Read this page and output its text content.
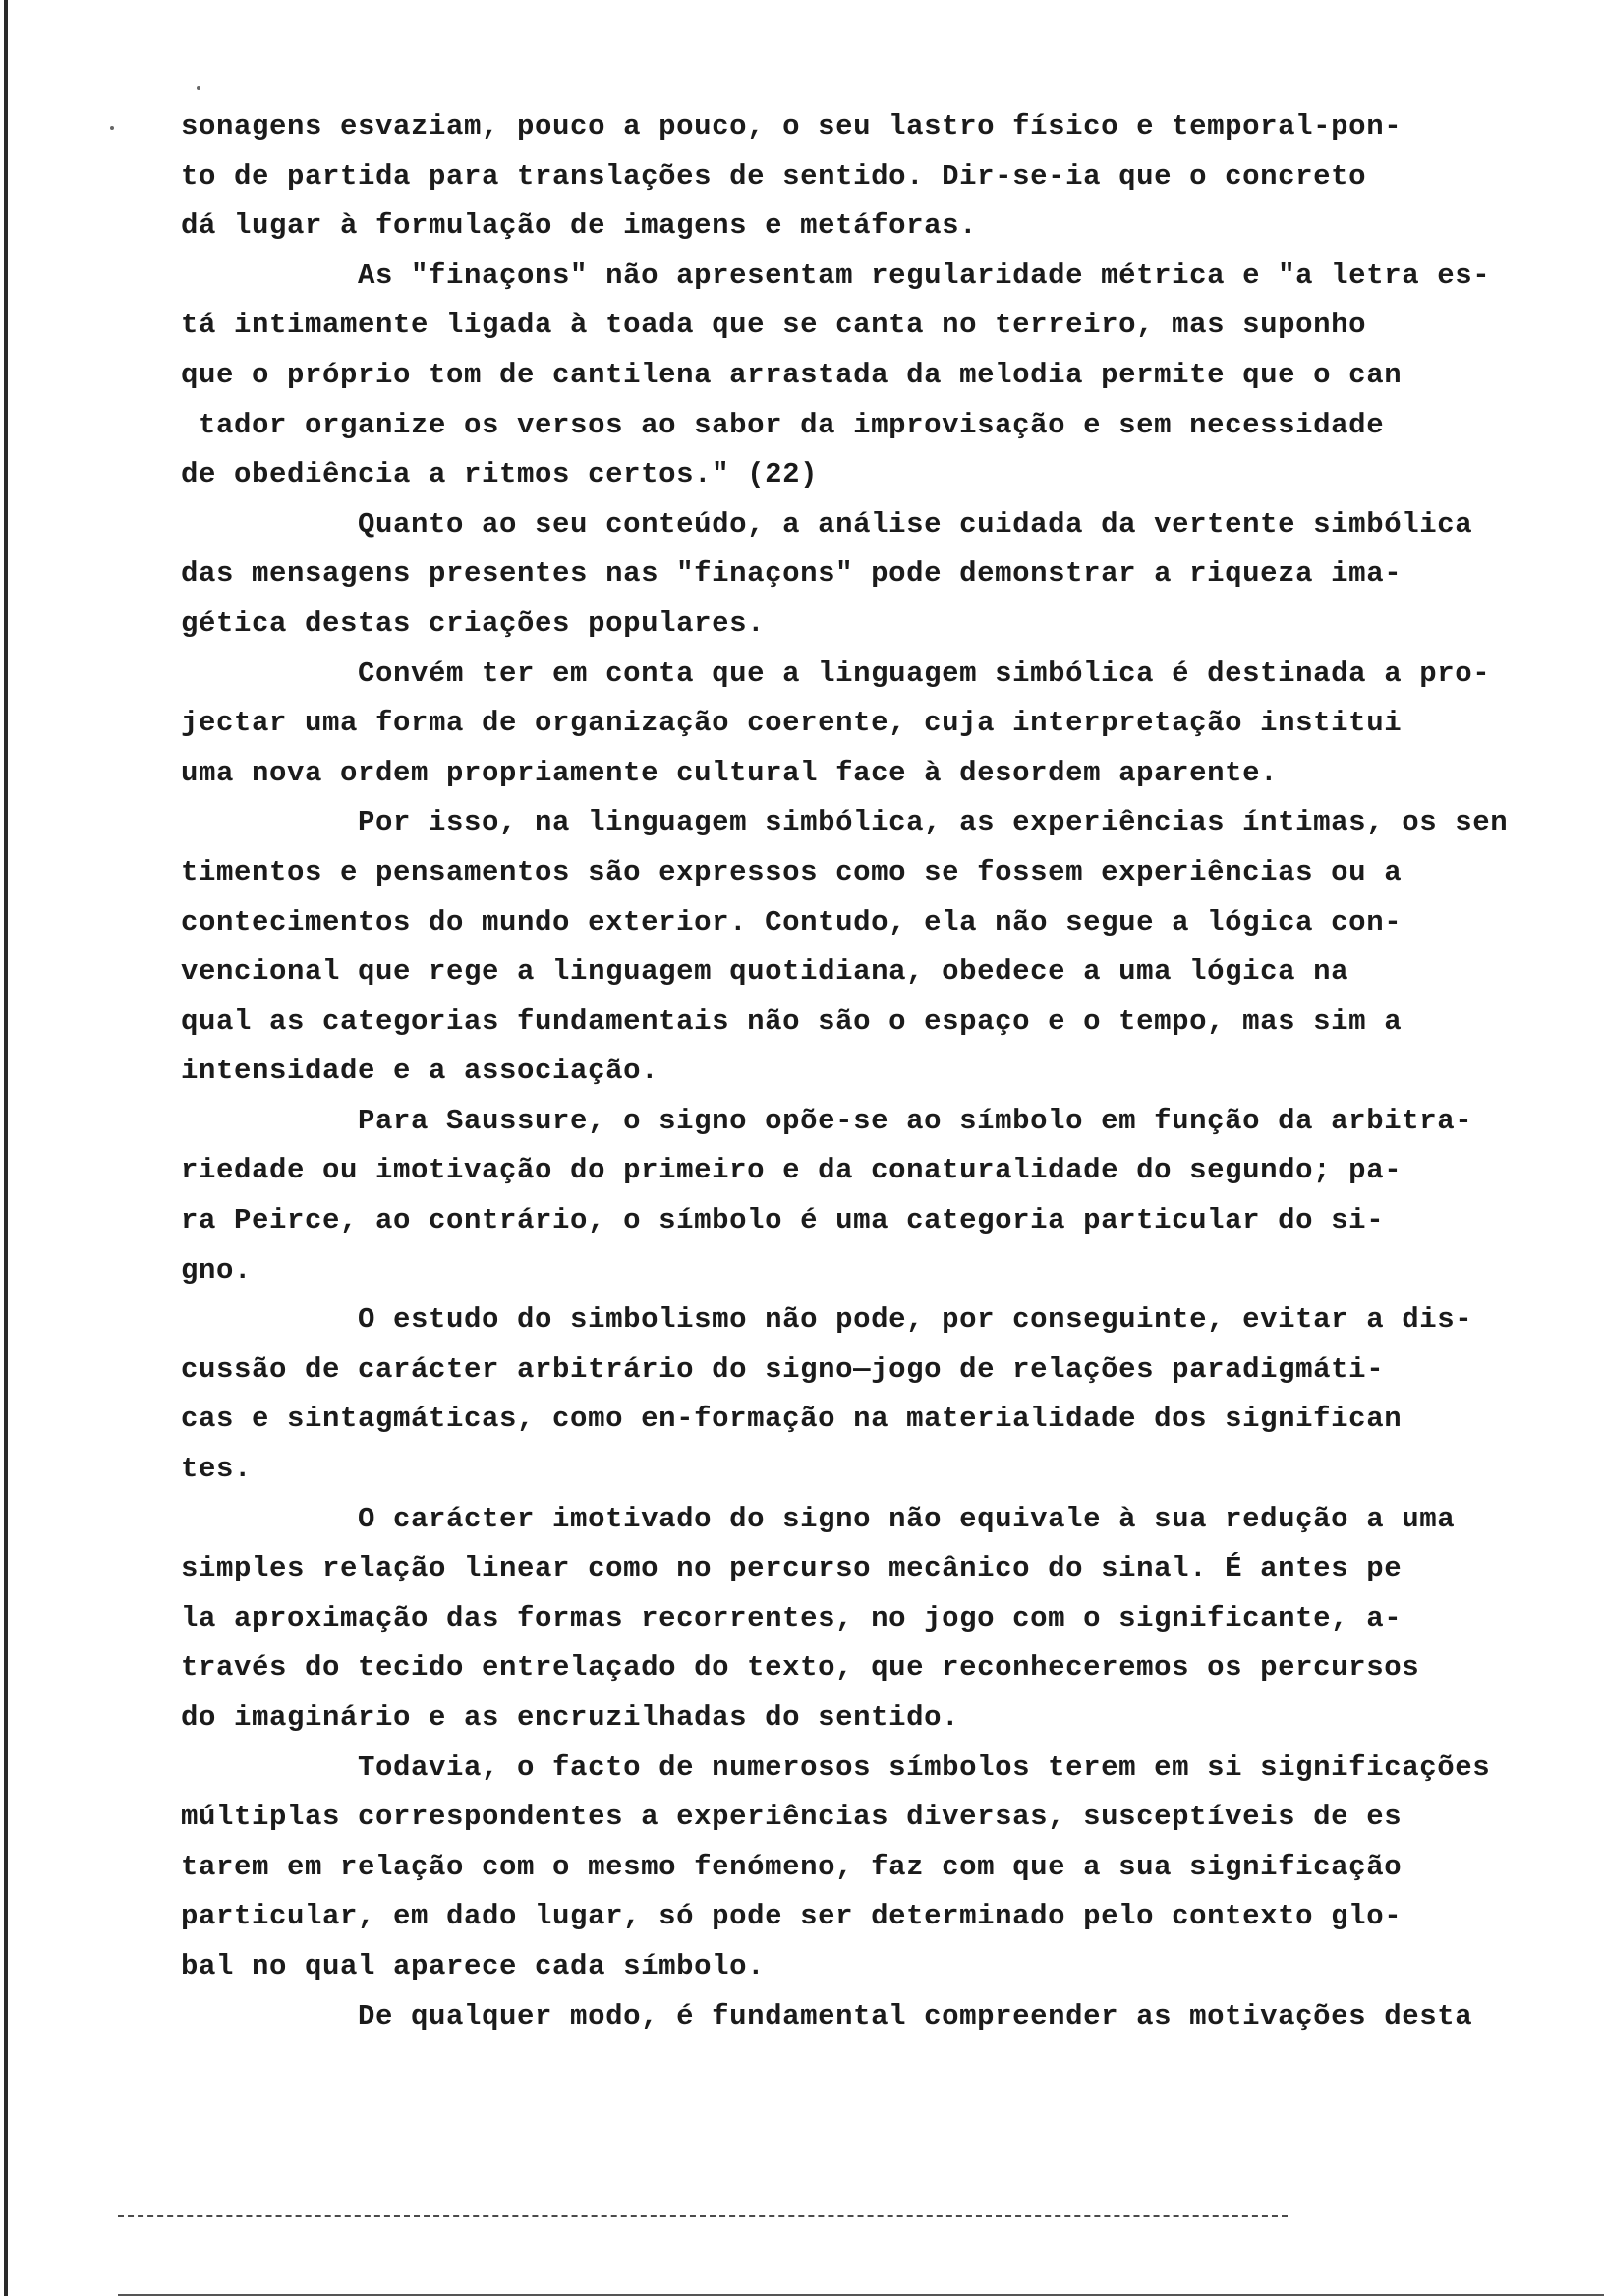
sonagens esvaziam, pouco a pouco, o seu lastro físico e temporal-pon-
to de partida para translações de sentido. Dir-se-ia que o concreto
dá lugar à formulação de imagens e metáforas.
As "finaçons" não apresentam regularidade métrica e "a letra es-
tá intimamente ligada à toada que se canta no terreiro, mas suponho
que o próprio tom de cantilena arrastada da melodia permite que o can
tador organize os versos ao sabor da improvisação e sem necessidade
de obediência a ritmos certos." (22)
Quanto ao seu conteúdo, a análise cuidada da vertente simbólica
das mensagens presentes nas "finaçons" pode demonstrar a riqueza ima-
gética destas criações populares.
Convém ter em conta que a linguagem simbólica é destinada a pro-
jectar uma forma de organização coerente, cuja interpretação institui
uma nova ordem propriamente cultural face à desordem aparente.
Por isso, na linguagem simbólica, as experiências íntimas, os sen
timentos e pensamentos são expressos como se fossem experiências ou a
contecimentos do mundo exterior. Contudo, ela não segue a lógica con-
vencional que rege a linguagem quotidiana, obedece a uma lógica na
qual as categorias fundamentais não são o espaço e o tempo, mas sim a
intensidade e a associação.
Para Saussure, o signo opõe-se ao símbolo em função da arbitra-
riedade ou imotivação do primeiro e da conaturalidade do segundo; pa-
ra Peirce, ao contrário, o símbolo é uma categoria particular do si-
gno.
O estudo do simbolismo não pode, por conseguinte, evitar a dis-
cussão de carácter arbitrário do signo—jogo de relações paradigmáti-
cas e sintagmáticas, como en-formação na materialidade dos significan
tes.
O carácter imotivado do signo não equivale à sua redução a uma
simples relação linear como no percurso mecânico do sinal. É antes pe
la aproximação das formas recorrentes, no jogo com o significante, a-
través do tecido entrelaçado do texto, que reconheceremos os percursos
do imaginário e as encruzilhadas do sentido.
Todavia, o facto de numerosos símbolos terem em si significações
múltiplas correspondentes a experiências diversas, susceptíveis de es
tarem em relação com o mesmo fenómeno, faz com que a sua significação
particular, em dado lugar, só pode ser determinado pelo contexto glo-
bal no qual aparece cada símbolo.
De qualquer modo, é fundamental compreender as motivações desta
